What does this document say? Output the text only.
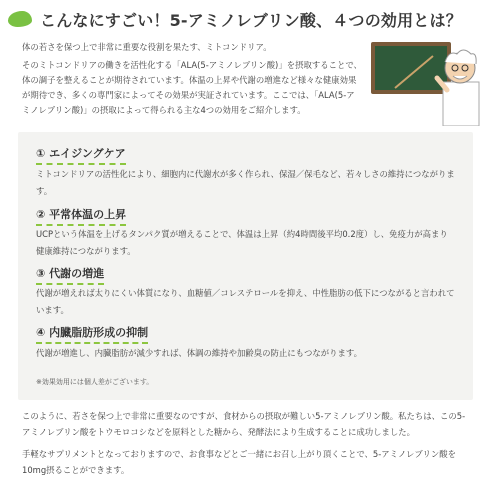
こんなにすごい！5-アミノレブリン酸、４つの効用とは？

体の若さを保つ上で非常に重要な役割を果たす、ミトコンドリア。

そのミトコンドリアの働きを活性化する「ALA(5-アミノレブリン酸)」を摂取することで、体の調子を整えることが期待されています。体温の上昇や代謝の増進など様々な健康効果が期待でき、多くの専門家によってその効果が実証されています。ここでは、「ALA(5-アミノレブリン酸)」の摂取によって得られる主な4つの効用をご紹介します。

① エイジングケア
ミトコンドリアの活性化により、細胞内に代謝水が多く作られ、保湿／保毛など、若々しさの維持につながります。
② 平常体温の上昇
UCPという体温を上げるタンパク質が増えることで、体温は上昇（約4時間後平均0.2度）し、免疫力が高まり健康維持につながります。
③ 代謝の増進
代謝が増えれば太りにくい体質になり、血糖値／コレステロールを抑え、中性脂肪の低下につながると言われています。
④ 内臓脂肪形成の抑制
代謝が増進し、内臓脂肪が減少すれば、体調の維持や加齢臭の防止にもつながります。
※効果効用には個人差がございます。

このように、若さを保つ上で非常に重要なのですが、食材からの摂取が難しい5-アミノレブリン酸。私たちは、この5-アミノレブリン酸をトウモロコシなどを原料とした糖から、発酵法により生成することに成功しました。

手軽なサプリメントとなっておりますので、お食事などとご一緒にお召し上がり頂くことで、5-アミノレブリン酸を10mg摂ることができます。
